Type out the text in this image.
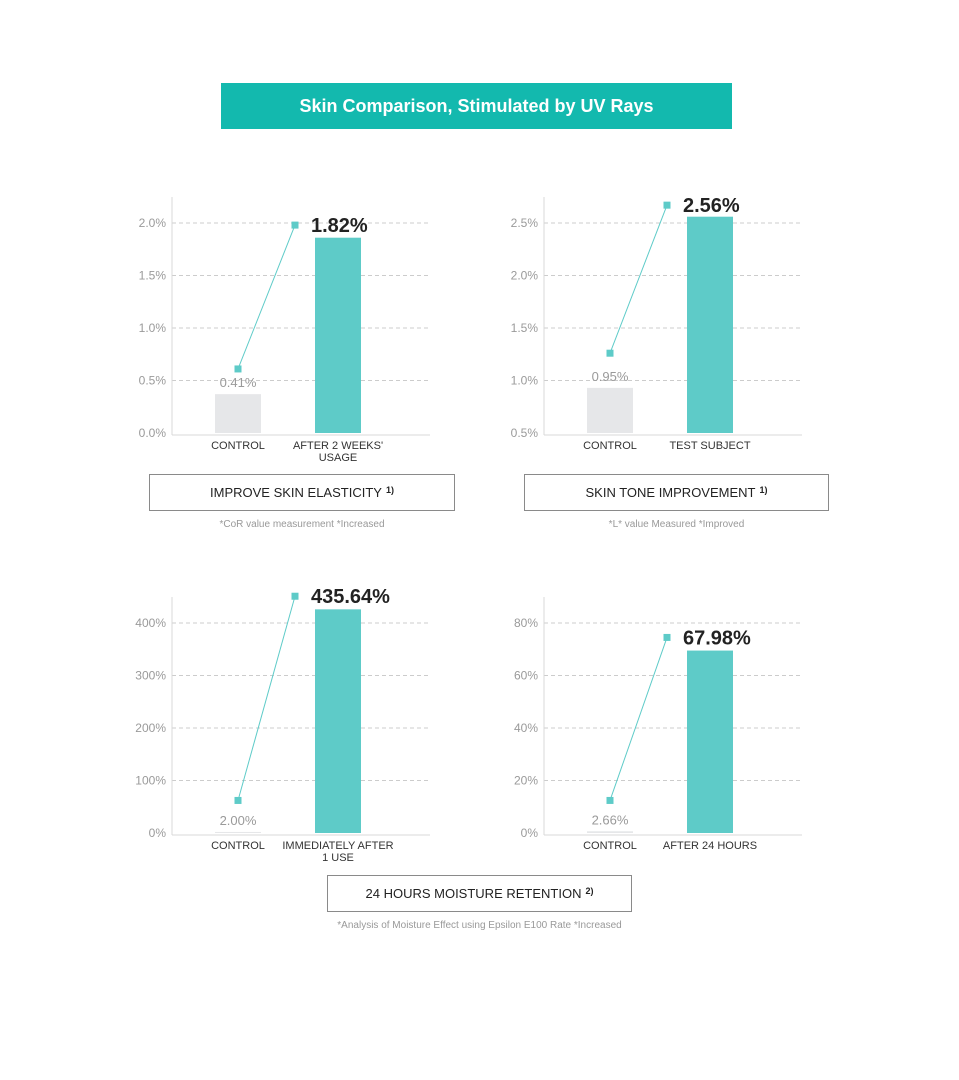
Skin Comparison, Stimulated by UV Rays
0.0%
0.5%
1.0%
1.5%
2.0%
0.41%
1.82%
CONTROL	AFTER 2 WEEKS'
USAGE
0.5%
1.0%
1.5%
2.0%
2.5%
0.95%
2.56%
CONTROL	TEST SUBJECT
0%
100%
200%
300%
400%
2.00%
435.64%
CONTROL IMMEDIATELY AFTER
1 USE
0%
20%
40%
60%
80%
2.66%
67.98%
CONTROL AFTER 24 HOURS
IMPROVE SKIN ELASTICITY $^{1)}$
*CoR value measurement *Increased
SKIN TONE IMPROVEMENT $^{1)}$
*L* value Measured *Improved
24 HOURS MOISTURE RETENTION $^{2)}$
*Analysis of Moisture Effect using Epsilon E100 Rate *Increased
